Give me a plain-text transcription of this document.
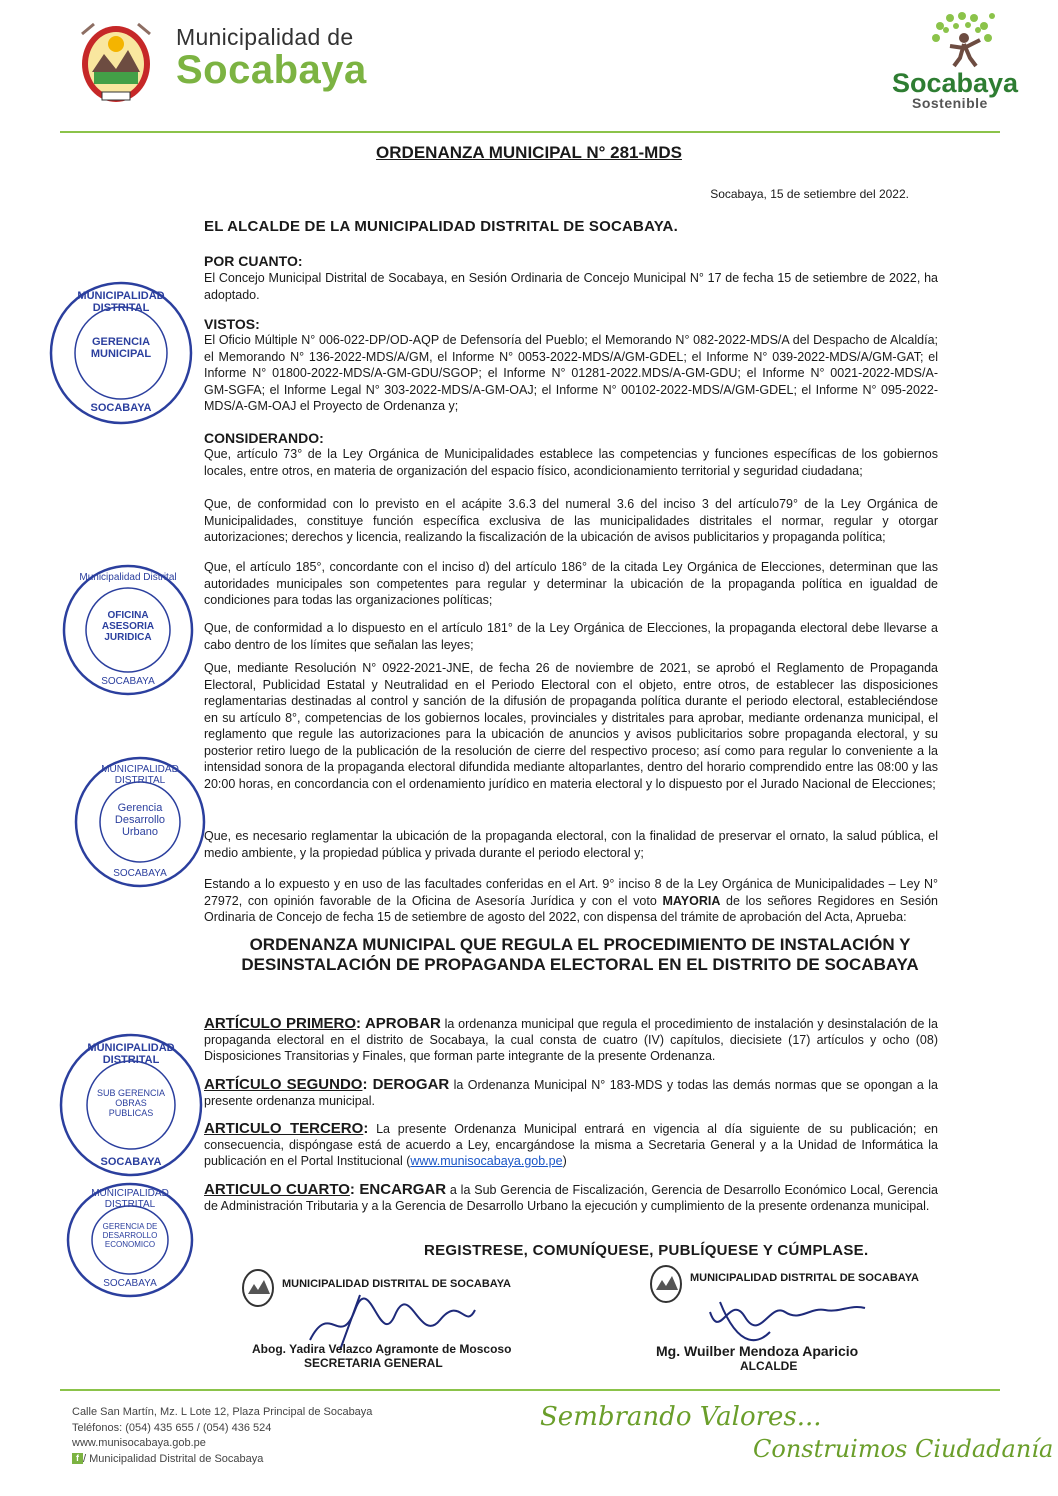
Municipalidad de
Socabaya	Socabaya
Sostenible
ORDENANZA MUNICIPAL N° 281-MDS
Socabaya, 15 de setiembre del 2022.
EL ALCALDE DE LA MUNICIPALIDAD DISTRITAL DE SOCABAYA.
POR CUANTO:
El Concejo Municipal Distrital de Socabaya, en Sesión Ordinaria de Concejo Municipal N° 17 de fecha 15 de setiembre de 2022, ha adoptado.
VISTOS:
El Oficio Múltiple N° 006-022-DP/OD-AQP de Defensoría del Pueblo; el Memorando N° 082-2022-MDS/A del Despacho de Alcaldía; el Memorando N° 136-2022-MDS/A/GM, el Informe N° 0053-2022-MDS/A/GM-GDEL; el Informe N° 039-2022-MDS/A/GM-GAT; el Informe N° 01800-2022-MDS/A-GM-GDU/SGOP; el Informe N° 01281-2022.MDS/A-GM-GDU; el Informe N° 0021-2022-MDS/A-GM-SGFA; el Informe Legal N° 303-2022-MDS/A-GM-OAJ; el Informe N° 00102-2022-MDS/A/GM-GDEL; el Informe N° 095-2022-MDS/A-GM-OAJ el Proyecto de Ordenanza y;
CONSIDERANDO:
Que, artículo 73° de la Ley Orgánica de Municipalidades establece las competencias y funciones específicas de los gobiernos locales, entre otros, en materia de organización del espacio físico, acondicionamiento territorial y seguridad ciudadana;
Que, de conformidad con lo previsto en el acápite 3.6.3 del numeral 3.6 del inciso 3 del artículo79° de la Ley Orgánica de Municipalidades, constituye función específica exclusiva de las municipalidades distritales el normar, regular y otorgar autorizaciones; derechos y licencia, realizando la fiscalización de la ubicación de avisos publicitarios y propaganda política;
Que, el artículo 185°, concordante con el inciso d) del artículo 186° de la citada Ley Orgánica de Elecciones, determinan que las autoridades municipales son competentes para regular y determinar la ubicación de la propaganda política en igualdad de condiciones para todas las organizaciones políticas;
Que, de conformidad a lo dispuesto en el artículo 181° de la Ley Orgánica de Elecciones, la propaganda electoral debe llevarse a cabo dentro de los límites que señalan las leyes;
Que, mediante Resolución N° 0922-2021-JNE, de fecha 26 de noviembre de 2021, se aprobó el Reglamento de Propaganda Electoral, Publicidad Estatal y Neutralidad en el Periodo Electoral con el objeto, entre otros, de establecer las disposiciones reglamentarias destinadas al control y sanción de la difusión de propaganda política durante el periodo electoral, estableciéndose en su artículo 8°, competencias de los gobiernos locales, provinciales y distritales para aprobar, mediante ordenanza municipal, el reglamento que regule las autorizaciones para la ubicación de anuncios y avisos publicitarios sobre propaganda electoral, y su posterior retiro luego de la publicación de la resolución de cierre del respectivo proceso; así como para regular lo conveniente a la intensidad sonora de la propaganda electoral difundida mediante altoparlantes, dentro del horario comprendido entre las 08:00 y las 20:00 horas, en concordancia con el ordenamiento jurídico en materia electoral y lo dispuesto por el Jurado Nacional de Elecciones;
Que, es necesario reglamentar la ubicación de la propaganda electoral, con la finalidad de preservar el ornato, la salud pública, el medio ambiente, y la propiedad pública y privada durante el periodo electoral y;
Estando a lo expuesto y en uso de las facultades conferidas en el Art. 9° inciso 8 de la Ley Orgánica de Municipalidades – Ley N° 27972, con opinión favorable de la Oficina de Asesoría Jurídica y con el voto MAYORIA de los señores Regidores en Sesión Ordinaria de Concejo de fecha 15 de setiembre de agosto del 2022, con dispensa del trámite de aprobación del Acta, Aprueba:
ORDENANZA MUNICIPAL QUE REGULA EL PROCEDIMIENTO DE INSTALACIÓN Y DESINSTALACIÓN DE PROPAGANDA ELECTORAL EN EL DISTRITO DE SOCABAYA
ARTÍCULO PRIMERO: APROBAR la ordenanza municipal que regula el procedimiento de instalación y desinstalación de la propaganda electoral en el distrito de Socabaya, la cual consta de cuatro (IV) capítulos, diecisiete (17) artículos y ocho (08) Disposiciones Transitorias y Finales, que forman parte integrante de la presente Ordenanza.
ARTÍCULO SEGUNDO: DEROGAR la Ordenanza Municipal N° 183-MDS y todas las demás normas que se opongan a la presente ordenanza municipal.
ARTICULO TERCERO: La presente Ordenanza Municipal entrará en vigencia al día siguiente de su publicación; en consecuencia, dispóngase está de acuerdo a Ley, encargándose la misma a Secretaria General y a la Unidad de Informática la publicación en el Portal Institucional (www.munisocabaya.gob.pe)
ARTICULO CUARTO: ENCARGAR a la Sub Gerencia de Fiscalización, Gerencia de Desarrollo Económico Local, Gerencia de Administración Tributaria y a la Gerencia de Desarrollo Urbano la ejecución y cumplimiento de la presente ordenanza municipal.
REGISTRESE, COMUNÍQUESE, PUBLÍQUESE Y CÚMPLASE.
MUNICIPALIDAD DISTRITAL
GERENCIA MUNICIPAL
SOCABAYA
Municipalidad Distrital
OFICINA ASESORIA JURIDICA
SOCABAYA
MUNICIPALIDAD DISTRITAL
Gerencia Desarrollo Urbano
SOCABAYA
MUNICIPALIDAD DISTRITAL
SUB GERENCIA OBRAS PUBLICAS
SOCABAYA
MUNICIPALIDAD DISTRITAL
GERENCIA DE DESARROLLO ECONOMICO
SOCABAYA	MUNICIPALIDAD DISTRITAL DE SOCABAYA
Abog. Yadira Velazco Agramonte de Moscoso
SECRETARIA GENERAL
MUNICIPALIDAD DISTRITAL DE SOCABAYA
Mg. Wuilber Mendoza Aparicio
ALCALDE
Calle San Martín, Mz. L Lote 12, Plaza Principal de Socabaya
Teléfonos: (054) 435 655 / (054) 436 524
www.munisocabaya.gob.pe
f / Municipalidad Distrital de Socabaya
Sembrando Valores...
Construimos Ciudadanía
